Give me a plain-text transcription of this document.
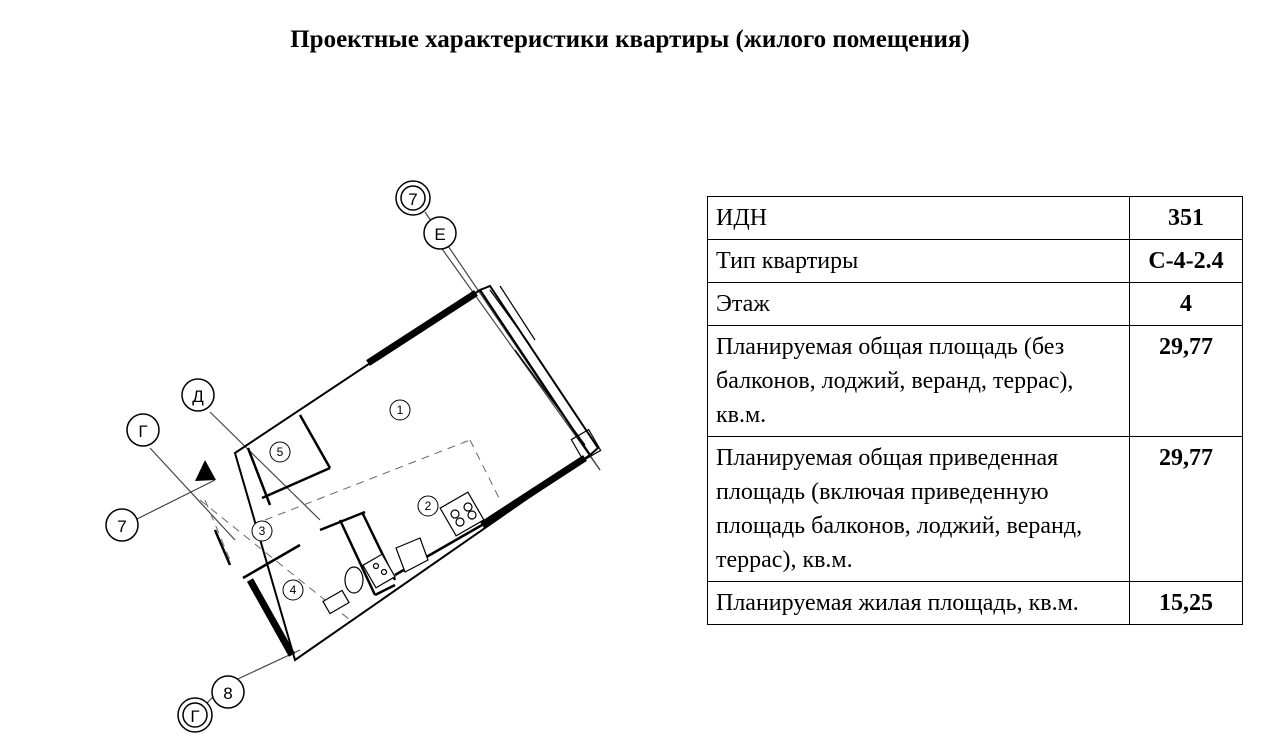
Проектные характеристики квартиры (жилого помещения)
7
Е
Д
Г
7
8
Г
1
2
3
4
5
ИДН	351
Тип квартиры	С-4-2.4
Этаж	4
Планируемая общая площадь (без балконов, лоджий, веранд, террас), кв.м.	29,77
Планируемая общая приведенная площадь (включая приведенную площадь балконов, лоджий, веранд, террас), кв.м.	29,77
Планируемая жилая площадь, кв.м.	15,25
